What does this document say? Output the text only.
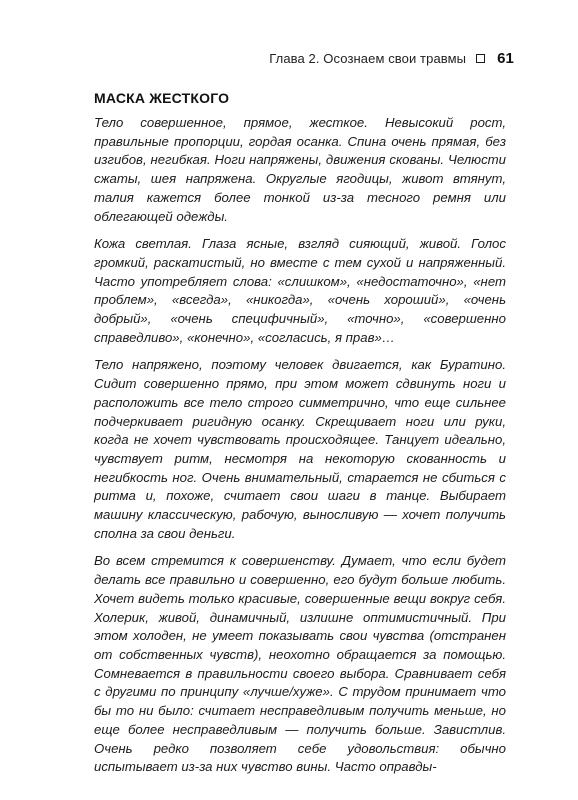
Глава 2. Осознаем свои травмы 61
МАСКА ЖЕСТКОГО

Тело совершенное, прямое, жесткое. Невысокий рост, правильные пропорции, гордая осанка. Спина очень прямая, без изгибов, негибкая. Ноги напряжены, движения скованы. Челюсти сжаты, шея напряжена. Округлые ягодицы, живот втянут, талия кажется более тонкой из-за тесного ремня или облегающей одежды.

Кожа светлая. Глаза ясные, взгляд сияющий, живой. Голос громкий, раскатистый, но вместе с тем сухой и напряженный. Часто употребляет слова: «слишком», «недостаточно», «нет проблем», «всегда», «никогда», «очень хороший», «очень добрый», «очень специфичный», «точно», «совершенно справедливо», «конечно», «согласись, я прав»…

Тело напряжено, поэтому человек двигается, как Буратино. Сидит совершенно прямо, при этом может сдвинуть ноги и расположить все тело строго симметрично, что еще сильнее подчеркивает ригидную осанку. Скрещивает ноги или руки, когда не хочет чувствовать происходящее. Танцует идеально, чувствует ритм, несмотря на некоторую скованность и негибкость ног. Очень внимательный, старается не сбиться с ритма и, похоже, считает свои шаги в танце. Выбирает машину классическую, рабочую, выносливую — хочет получить сполна за свои деньги.

Во всем стремится к совершенству. Думает, что если будет делать все правильно и совершенно, его будут больше любить. Хочет видеть только красивые, совершенные вещи вокруг себя. Холерик, живой, динамичный, излишне оптимистичный. При этом холоден, не умеет показывать свои чувства (отстранен от собственных чувств), неохотно обращается за помощью. Сомневается в правильности своего выбора. Сравнивает себя с другими по принципу «лучше/хуже». С трудом принимает что бы то ни было: считает несправедливым получить меньше, но еще более несправедливым — получить больше. Завистлив. Очень редко позволяет себе удовольствия: обычно испытывает из-за них чувство вины. Часто оправды-
